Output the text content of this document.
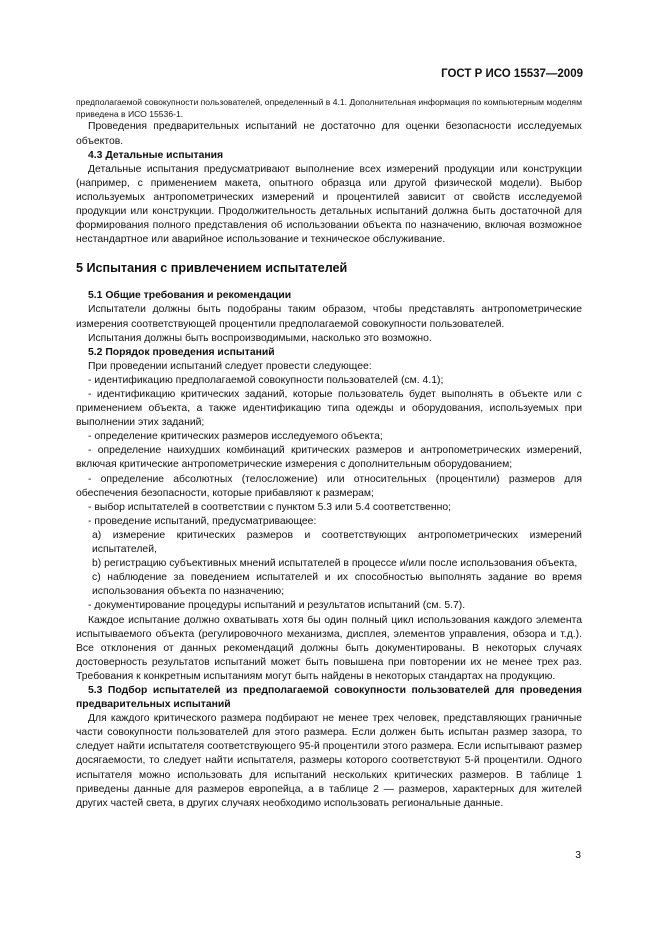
ГОСТ Р ИСО 15537—2009

предполагаемой совокупности пользователей, определенный в 4.1. Дополнительная информация по компьютерным моделям приведена в ИСО 15536-1.

Проведения предварительных испытаний не достаточно для оценки безопасности исследуемых объектов.

4.3 Детальные испытания

Детальные испытания предусматривают выполнение всех измерений продукции или конструкции (например, с применением макета, опытного образца или другой физической модели). Выбор используемых антропометрических измерений и процентилей зависит от свойств исследуемой продукции или конструкции. Продолжительность детальных испытаний должна быть достаточной для формирования полного представления об использовании объекта по назначению, включая возможное нестандартное или аварийное использование и техническое обслуживание.

5 Испытания с привлечением испытателей

5.1 Общие требования и рекомендации

Испытатели должны быть подобраны таким образом, чтобы представлять антропометрические измерения соответствующей процентили предполагаемой совокупности пользователей.

Испытания должны быть воспроизводимыми, насколько это возможно.

5.2 Порядок проведения испытаний

При проведении испытаний следует провести следующее:

- идентификацию предполагаемой совокупности пользователей (см. 4.1);

- идентификацию критических заданий, которые пользователь будет выполнять в объекте или с применением объекта, а также идентификацию типа одежды и оборудования, используемых при выполнении этих заданий;

- определение критических размеров исследуемого объекта;

- определение наихудших комбинаций критических размеров и антропометрических измерений, включая критические антропометрические измерения с дополнительным оборудованием;

- определение абсолютных (телосложение) или относительных (процентили) размеров для обеспечения безопасности, которые прибавляют к размерам;

- выбор испытателей в соответствии с пунктом 5.3 или 5.4 соответственно;

- проведение испытаний, предусматривающее:

a) измерение критических размеров и соответствующих антропометрических измерений испытателей,

b) регистрацию субъективных мнений испытателей в процессе и/или после использования объекта,

c) наблюдение за поведением испытателей и их способностью выполнять задание во время использования объекта по назначению;

- документирование процедуры испытаний и результатов испытаний (см. 5.7).

Каждое испытание должно охватывать хотя бы один полный цикл использования каждого элемента испытываемого объекта (регулировочного механизма, дисплея, элементов управления, обзора и т.д.). Все отклонения от данных рекомендаций должны быть документированы. В некоторых случаях достоверность результатов испытаний может быть повышена при повторении их не менее трех раз. Требования к конкретным испытаниям могут быть найдены в некоторых стандартах на продукцию.

5.3 Подбор испытателей из предполагаемой совокупности пользователей для проведения предварительных испытаний

Для каждого критического размера подбирают не менее трех человек, представляющих граничные части совокупности пользователей для этого размера. Если должен быть испытан размер зазора, то следует найти испытателя соответствующего 95-й процентили этого размера. Если испытывают размер досягаемости, то следует найти испытателя, размеры которого соответствуют 5-й процентили. Одного испытателя можно использовать для испытаний нескольких критических размеров. В таблице 1 приведены данные для размеров европейца, а в таблице 2 — размеров, характерных для жителей других частей света, в других случаях необходимо использовать региональные данные.

3
